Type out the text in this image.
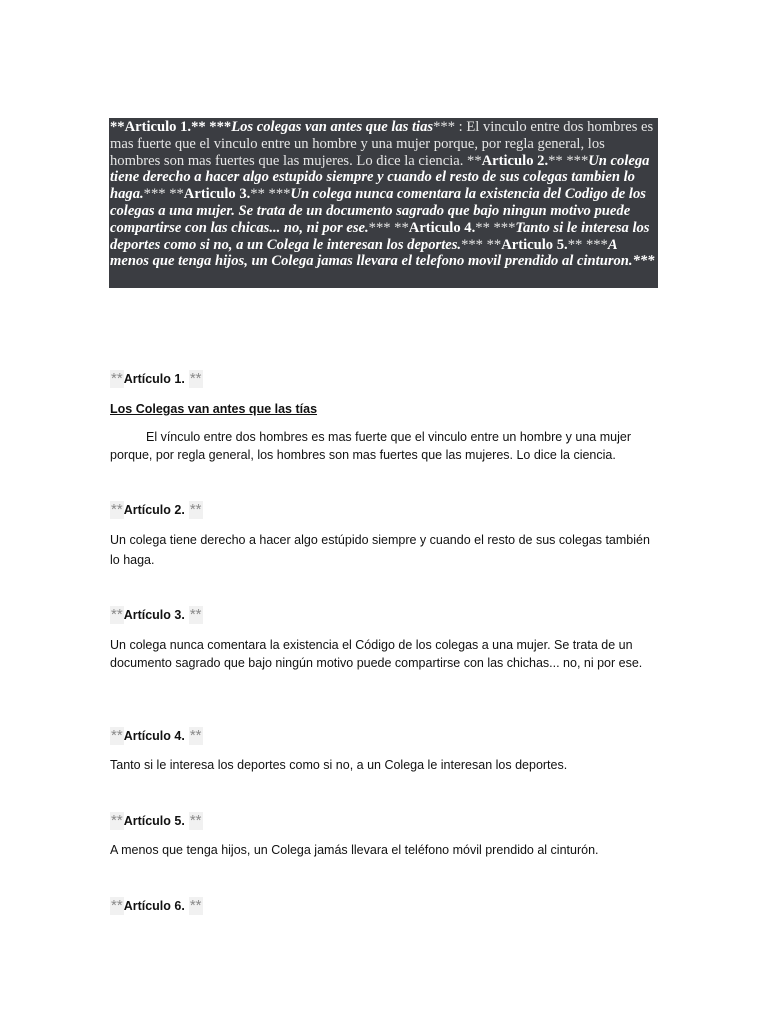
**Articulo 1.** ***Los colegas van antes que las tias*** : El vinculo entre dos hombres es mas fuerte que el vinculo entre un hombre y una mujer porque, por regla general, los hombres son mas fuertes que las mujeres. Lo dice la ciencia. **Articulo 2.** ***Un colega tiene derecho a hacer algo estupido siempre y cuando el resto de sus colegas tambien lo haga.*** **Articulo 3.** ***Un colega nunca comentara la existencia del Codigo de los colegas a una mujer. Se trata de un documento sagrado que bajo ningun motivo puede compartirse con las chicas... no, ni por ese.*** **Articulo 4.** ***Tanto si le interesa los deportes como si no, a un Colega le interesan los deportes.*** **Articulo 5.** ***A menos que tenga hijos, un Colega jamas llevara el telefono movil prendido al cinturon.***
**Artículo 1. **
Los Colegas van antes que las tías
El vínculo entre dos hombres es mas fuerte que el vinculo entre un hombre y una mujer porque, por regla general, los hombres son mas fuertes que las mujeres. Lo dice la ciencia.
**Artículo 2. **
Un colega tiene derecho a hacer algo estúpido siempre y cuando el resto de sus colegas también lo haga.
**Artículo 3. **
Un colega nunca comentara la existencia el Código de los colegas a una mujer. Se trata de un documento sagrado que bajo ningún motivo puede compartirse con las chichas... no, ni por ese.
**Artículo 4. **
Tanto si le interesa los deportes como si no, a un Colega le interesan los deportes.
**Artículo 5. **
A menos que tenga hijos, un Colega jamás llevara el teléfono móvil prendido al cinturón.
**Artículo 6. **
